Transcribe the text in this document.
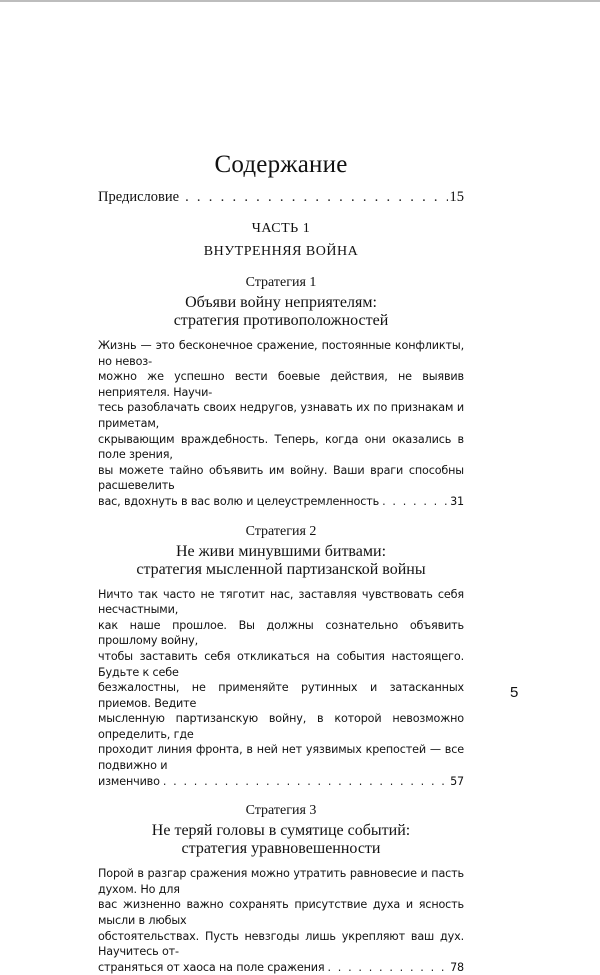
Содержание
Предисловие . . .	15
ЧАСТЬ 1
ВНУТРЕННЯЯ ВОЙНА
Стратегия 1
Объяви войну неприятелям:
стратегия противоположностей
Жизнь — это бесконечное сражение, постоянные конфликты, но невоз-
можно же успешно вести боевые действия, не выявив неприятеля. Научи-
тесь разоблачать своих недругов, узнавать их по признакам и приметам,
скрывающим враждебность. Теперь, когда они оказались в поле зрения,
вы можете тайно объявить им войну. Ваши враги способны расшевелить
вас, вдохнуть в вас волю и целеустремленность . . .	31
Стратегия 2
Не живи минувшими битвами:
стратегия мысленной партизанской войны
Ничто так часто не тяготит нас, заставляя чувствовать себя несчастными,
как наше прошлое. Вы должны сознательно объявить прошлому войну,
чтобы заставить себя откликаться на события настоящего. Будьте к себе
безжалостны, не применяйте рутинных и затасканных приемов. Ведите
мысленную партизанскую войну, в которой невозможно определить, где
проходит линия фронта, в ней нет уязвимых крепостей — все подвижно и
изменчиво . . .	57
Стратегия 3
Не теряй головы в сумятице событий:
стратегия уравновешенности
Порой в разгар сражения можно утратить равновесие и пасть духом. Но для
вас жизненно важно сохранять присутствие духа и ясность мысли в любых
обстоятельствах. Пусть невзгоды лишь укрепляют ваш дух. Научитесь от-
страняться от хаоса на поле сражения . . .	78
5
